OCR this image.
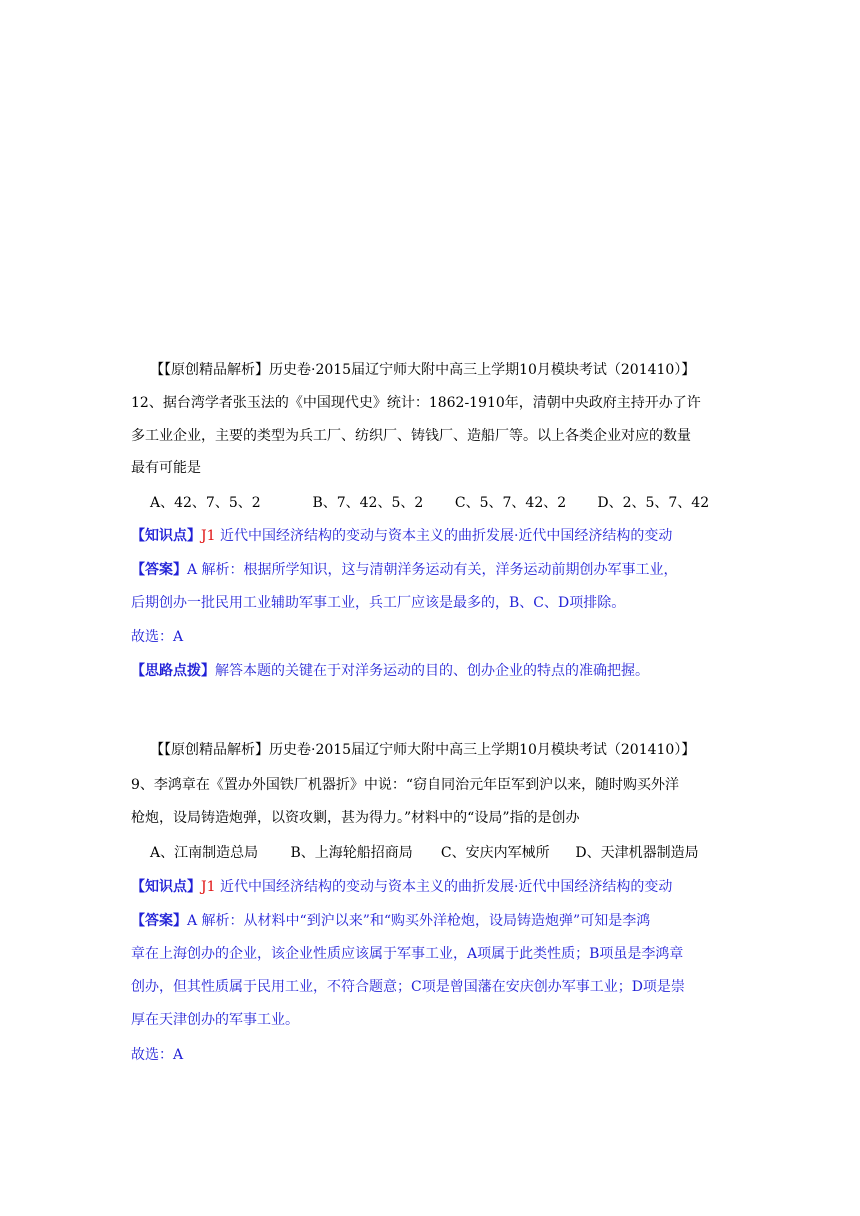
【【原创精品解析】历史卷·2015届辽宁师大附中高三上学期10月模块考试（201410）】
12、据台湾学者张玉法的《中国现代史》统计：1862-1910年，清朝中央政府主持开办了许
多工业企业，主要的类型为兵工厂、纺织厂、铸钱厂、造船厂等。以上各类企业对应的数量
最有可能是
A、42、7、5、2	B、7、42、5、2 C、5、7、42、2 D、2、5、7、42
【知识点】J1 近代中国经济结构的变动与资本主义的曲折发展·近代中国经济结构的变动
【答案】A 解析：根据所学知识，这与清朝洋务运动有关，洋务运动前期创办军事工业，
后期创办一批民用工业辅助军事工业，兵工厂应该是最多的，B、C、D项排除。
故选：A
【思路点拨】解答本题的关键在于对洋务运动的目的、创办企业的特点的准确把握。
【【原创精品解析】历史卷·2015届辽宁师大附中高三上学期10月模块考试（201410）】
9、李鸿章在《置办外国铁厂机器折》中说：“窃自同治元年臣军到沪以来，随时购买外洋
枪炮，设局铸造炮弹，以资攻剿，甚为得力。”材料中的“设局”指的是创办
A、江南制造总局 B、上海轮船招商局 C、安庆内军械所 D、天津机器制造局
【知识点】J1 近代中国经济结构的变动与资本主义的曲折发展·近代中国经济结构的变动
【答案】A 解析：从材料中“到沪以来”和“购买外洋枪炮，设局铸造炮弹”可知是李鸿
章在上海创办的企业，该企业性质应该属于军事工业，A项属于此类性质；B项虽是李鸿章
创办，但其性质属于民用工业，不符合题意；C项是曾国藩在安庆创办军事工业；D项是崇
厚在天津创办的军事工业。
故选：A
